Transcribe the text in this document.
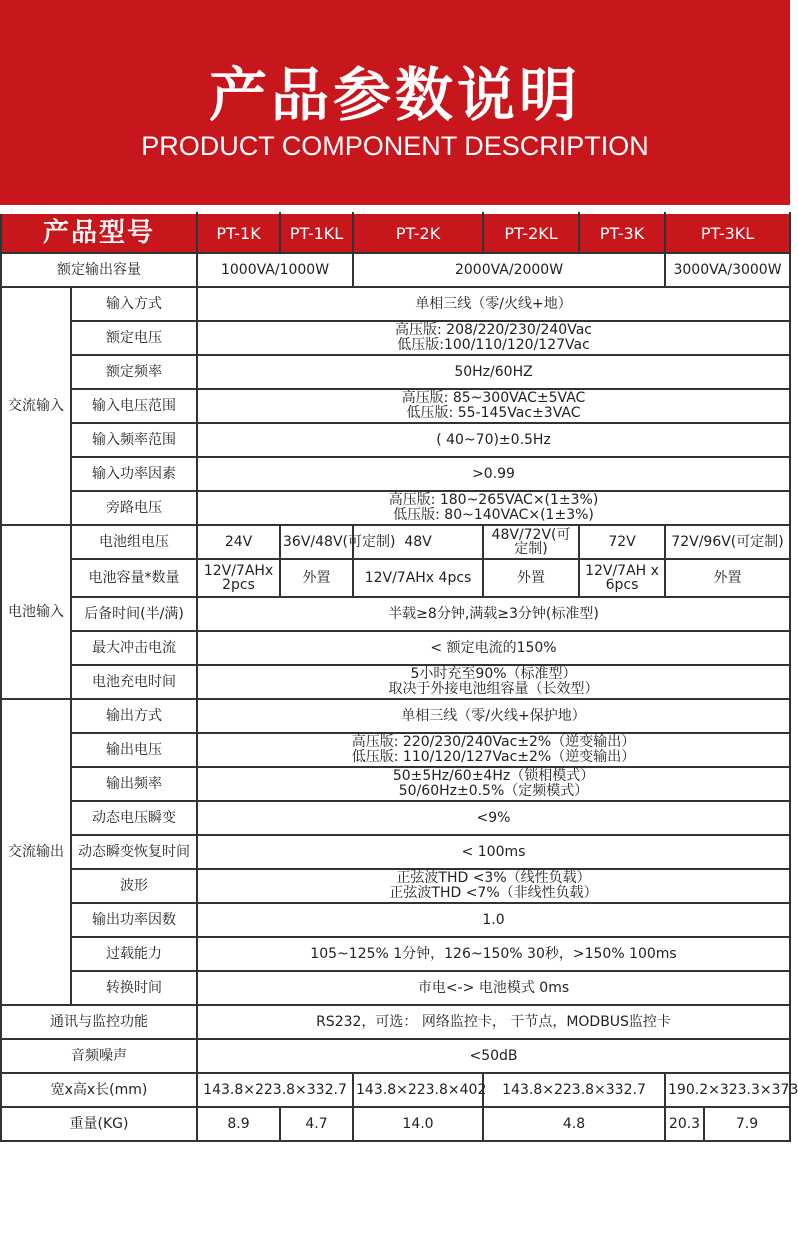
产品参数说明
PRODUCT COMPONENT DESCRIPTION
产品型号		PT-1K	PT-1KL	PT-2K	PT-2KL	PT-3K	PT-3KL	
额定输出容量		1000VA/1000W		2000VA/2000W			3000VA/3000W	
交流输入	输入方式	单相三线（零/火线+地）						
	额定电压	高压版: 208/220/230/240Vac
低压版:100/110/120/127Vac						

	额定频率	50Hz/60HZ						
	输入电压范围	高压版: 85~300VAC±5VAC
低压版: 55-145Vac±3VAC						

	输入频率范围	( 40~70)±0.5Hz						
	输入功率因素	>0.99						
	旁路电压	高压版: 180~265VAC×(1±3%)
低压版: 80~140VAC×(1±3%)						

电池输入	电池组电压	24V	36V/48V(可定制)	48V	48V/72V(可定制)	72V	72V/96V(可定制)	
	电池容量*数量	12V/7AHx 2pcs	外置	12V/7AHx 4pcs	外置	12V/7AH x 6pcs	外置	
	后备时间(半/满)	半载≥8分钟,满载≥3分钟(标准型)						
	最大冲击电流	< 额定电流的150%						
	电池充电时间	5小时充至90%（标准型）
取决于外接电池组容量（长效型）						

交流输出	输出方式	单相三线（零/火线+保护地）						
	输出电压	高压版: 220/230/240Vac±2%（逆变输出）
低压版: 110/120/127Vac±2%（逆变输出）						

	输出频率	50±5Hz/60±4Hz（锁相模式）
50/60Hz±0.5%（定频模式）						

	动态电压瞬变	<9%						
	动态瞬变恢复时间	< 100ms						
	波形	正弦波THD <3%（线性负载）
正弦波THD <7%（非线性负载）						

	输出功率因数	1.0						
	过载能力	105~125% 1分钟，126~150% 30秒，>150% 100ms						
	转换时间	市电<-> 电池模式 0ms						
通讯与监控功能		RS232，可选： 网络监控卡， 干节点，MODBUS监控卡						
音频噪声		<50dB						
宽x高x长(mm)		143.8×223.8×332.7		143.8×223.8×402	143.8×223.8×332.7		190.2×323.3×373	
重量(KG)		8.9	4.7	14.0	4.8		20.3	7.9
